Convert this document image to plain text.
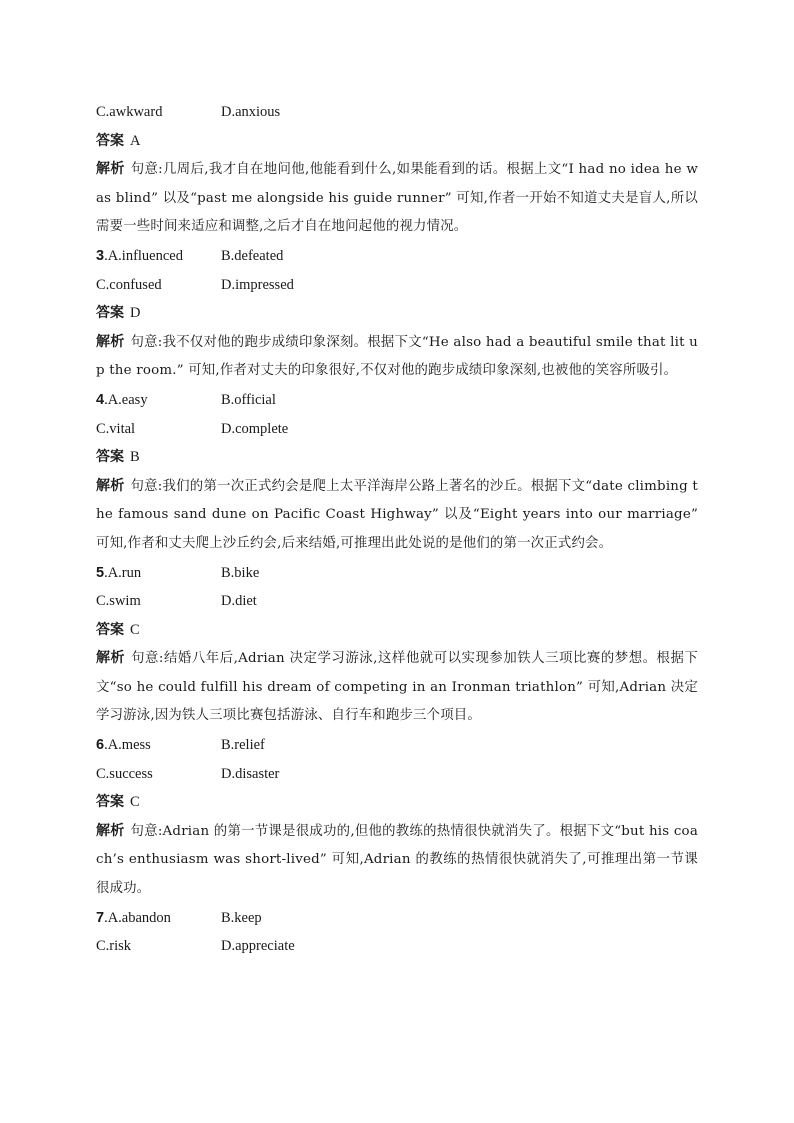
C.awkward	D.anxious
答案 A
解析 句意:几周后,我才自在地问他,他能看到什么,如果能看到的话。根据上文“I had no idea he was blind” 以及“past me alongside his guide runner” 可知,作者一开始不知道丈夫是盲人,所以需要一些时间来适应和调整,之后才自在地问起他的视力情况。
3.A.influenced	B.defeated
C.confused	D.impressed
答案 D
解析 句意:我不仅对他的跑步成绩印象深刻。根据下文“He also had a beautiful smile that lit up the room.” 可知,作者对丈夫的印象很好,不仅对他的跑步成绩印象深刻,也被他的笑容所吸引。
4.A.easy	B.official
C.vital	D.complete
答案 B
解析 句意:我们的第一次正式约会是爬上太平洋海岸公路上著名的沙丘。根据下文“date climbing the famous sand dune on Pacific Coast Highway” 以及“Eight years into our marriage” 可知,作者和丈夫爬上沙丘约会,后来结婚,可推理出此处说的是他们的第一次正式约会。
5.A.run	B.bike
C.swim	D.diet
答案 C
解析 句意:结婚八年后,Adrian 决定学习游泳,这样他就可以实现参加铁人三项比赛的梦想。根据下文“so he could fulfill his dream of competing in an Ironman triathlon” 可知,Adrian 决定学习游泳,因为铁人三项比赛包括游泳、自行车和跑步三个项目。
6.A.mess	B.relief
C.success	D.disaster
答案 C
解析 句意:Adrian 的第一节课是很成功的,但他的教练的热情很快就消失了。根据下文“but his coach’s enthusiasm was short-lived” 可知,Adrian 的教练的热情很快就消失了,可推理出第一节课很成功。
7.A.abandon	B.keep
C.risk	D.appreciate
